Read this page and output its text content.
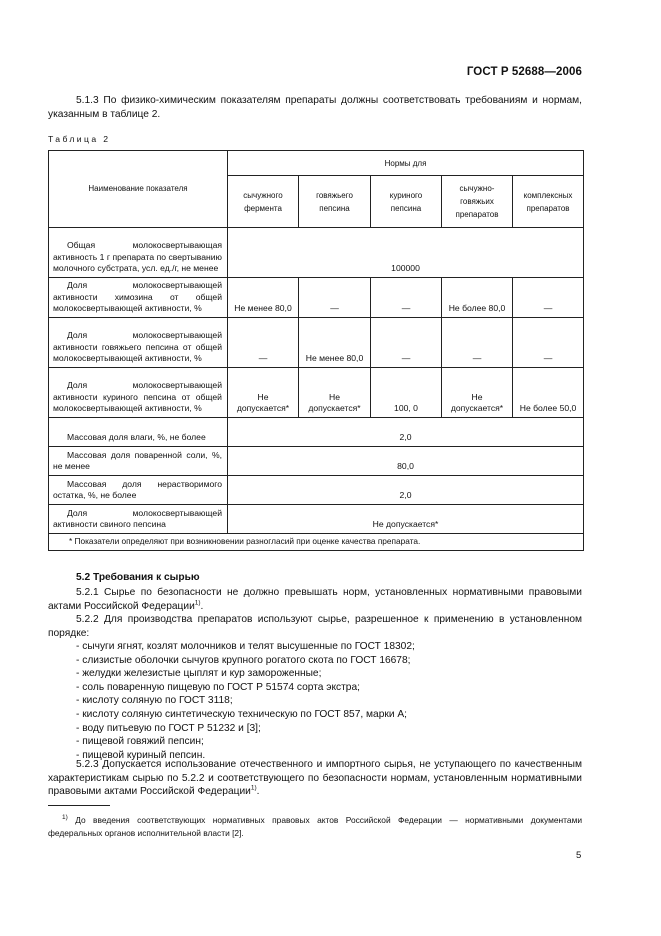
ГОСТ Р 52688—2006
5.1.3 По физико-химическим показателям препараты должны соответствовать требованиям и нормам, указанным в таблице 2.
Таблица 2
Наименование показателя	Нормы для				
	сычужного фермента	говяжьего пепсина	куриного пепсина	сычужно-говяжьих препаратов	комплексных препаратов
Общая молокосвертывающая активность 1 г препарата по свертыванию молочного субстрата, усл. ед./г, не менее	100000				
Доля молокосвертывающей активности химозина от общей молокосвертывающей активности, %	Не менее 80,0	—	—	Не более 80,0	—
Доля молокосвертывающей активности говяжьего пепсина от общей молокосвертывающей активности, %	—	Не менее 80,0	—	—	—
Доля молокосвертывающей активности куриного пепсина от общей молокосвертывающей активности, %	Не допускается*	Не допускается*	100, 0	Не допускается*	Не более 50,0
Массовая доля влаги, %, не более	2,0				
Массовая доля поваренной соли, %, не менее	80,0				
Массовая доля нерастворимого остатка, %, не более	2,0				
Доля молокосвертывающей активности свиного пепсина	Не допускается*				
* Показатели определяют при возникновении разногласий при оценке качества препарата.					
5.2 Требования к сырью
5.2.1 Сырье по безопасности не должно превышать норм, установленных нормативными правовыми актами Российской Федерации$^{1)}$.
5.2.2 Для производства препаратов используют сырье, разрешенное к применению в установленном порядке:
- сычуги ягнят, козлят молочников и телят высушенные по ГОСТ 18302;
- слизистые оболочки сычугов крупного рогатого скота по ГОСТ 16678;
- желудки железистые цыплят и кур замороженные;
- соль поваренную пищевую по ГОСТ Р 51574 сорта экстра;
- кислоту соляную по ГОСТ 3118;
- кислоту соляную синтетическую техническую по ГОСТ 857, марки А;
- воду питьевую по ГОСТ Р 51232 и [3];
- пищевой говяжий пепсин;
- пищевой куриный пепсин.
5.2.3 Допускается использование отечественного и импортного сырья, не уступающего по качественным характеристикам сырью по 5.2.2 и соответствующего по безопасности нормам, установленным нормативными правовыми актами Российской Федерации$^{1)}$.
$^{1)}$ До введения соответствующих нормативных правовых актов Российской Федерации — нормативными документами федеральных органов исполнительной власти [2].
5
